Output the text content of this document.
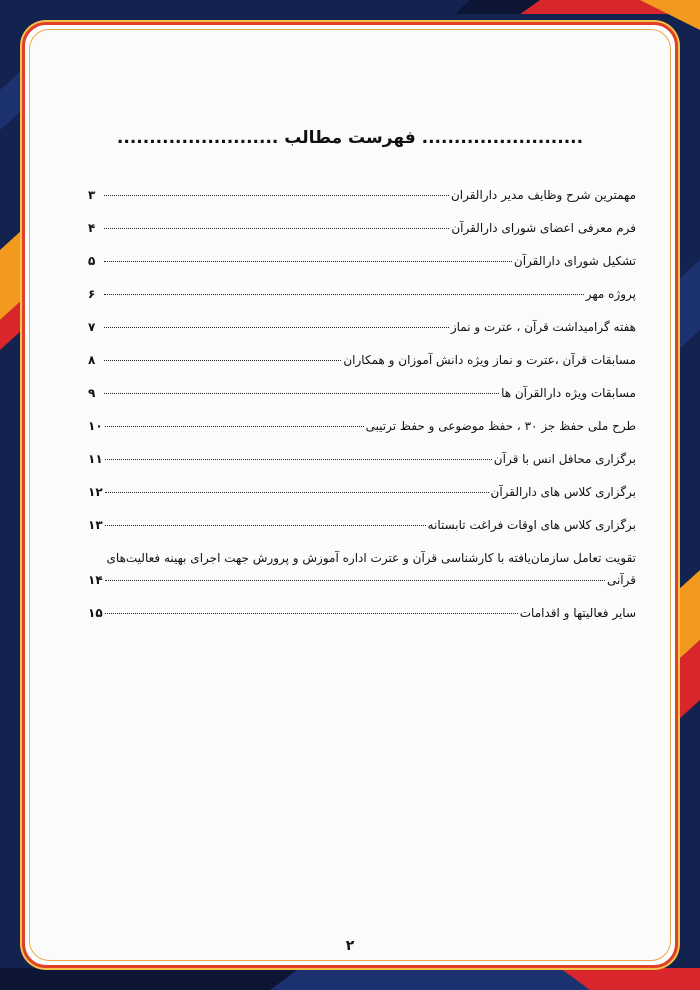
......................... فهرست مطالب .........................
مهمترین شرح وظایف مدیر دارالقران
۳
فرم معرفی اعضای شورای دارالقرآن
۴
تشکیل شورای دارالقرآن
۵
پروژه مهر
۶
هفته گرامیداشت قرآن ، عترت و نماز
۷
مسابقات قرآن ،عترت و نماز ویژه دانش آموزان و همکاران
۸
مسابقات ویژه دارالقرآن ها
۹
طرح ملی حفظ جز ۳۰ ، حفظ موضوعی و حفظ ترتیبی
۱۰
برگزاری محافل انس با قرآن
۱۱
برگزاری کلاس های دارالقرآن
۱۲
برگزاری کلاس های اوقات فراغت تابستانه
۱۳
تقویت تعامل سازمان‌یافته با کارشناسی قرآن و عترت اداره آموزش و پرورش جهت اجرای بهینه فعالیت‌های
قرآنی
۱۴
سایر فعالیتها و اقدامات
۱۵
۲
